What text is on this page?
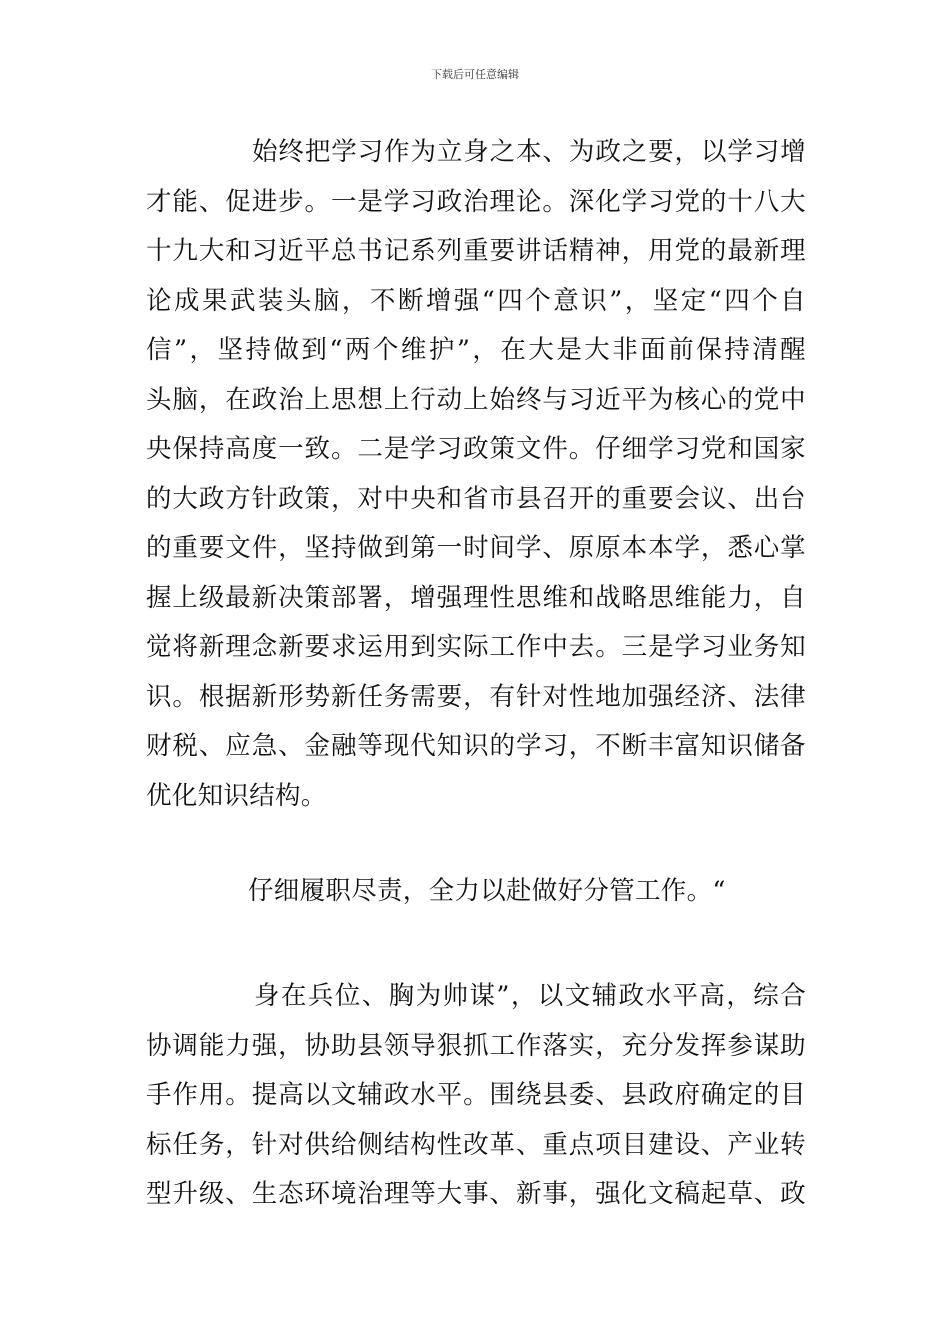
下载后可任意编辑
始终把学习作为立身之本、为政之要，以学习增
才能、促进步。一是学习政治理论。深化学习党的十八大
十九大和习近平总书记系列重要讲话精神，用党的最新理
论成果武装头脑，不断增强“四个意识”，坚定“四个自
信”，坚持做到“两个维护”，在大是大非面前保持清醒
头脑，在政治上思想上行动上始终与习近平为核心的党中
央保持高度一致。二是学习政策文件。仔细学习党和国家
的大政方针政策，对中央和省市县召开的重要会议、出台
的重要文件，坚持做到第一时间学、原原本本学，悉心掌
握上级最新决策部署，增强理性思维和战略思维能力，自
觉将新理念新要求运用到实际工作中去。三是学习业务知
识。根据新形势新任务需要，有针对性地加强经济、法律
财税、应急、金融等现代知识的学习，不断丰富知识储备
优化知识结构。
仔细履职尽责，全力以赴做好分管工作。“
身在兵位、胸为帅谋”，以文辅政水平高，综合
协调能力强，协助县领导狠抓工作落实，充分发挥参谋助
手作用。提高以文辅政水平。围绕县委、县政府确定的目
标任务，针对供给侧结构性改革、重点项目建设、产业转
型升级、生态环境治理等大事、新事，强化文稿起草、政
